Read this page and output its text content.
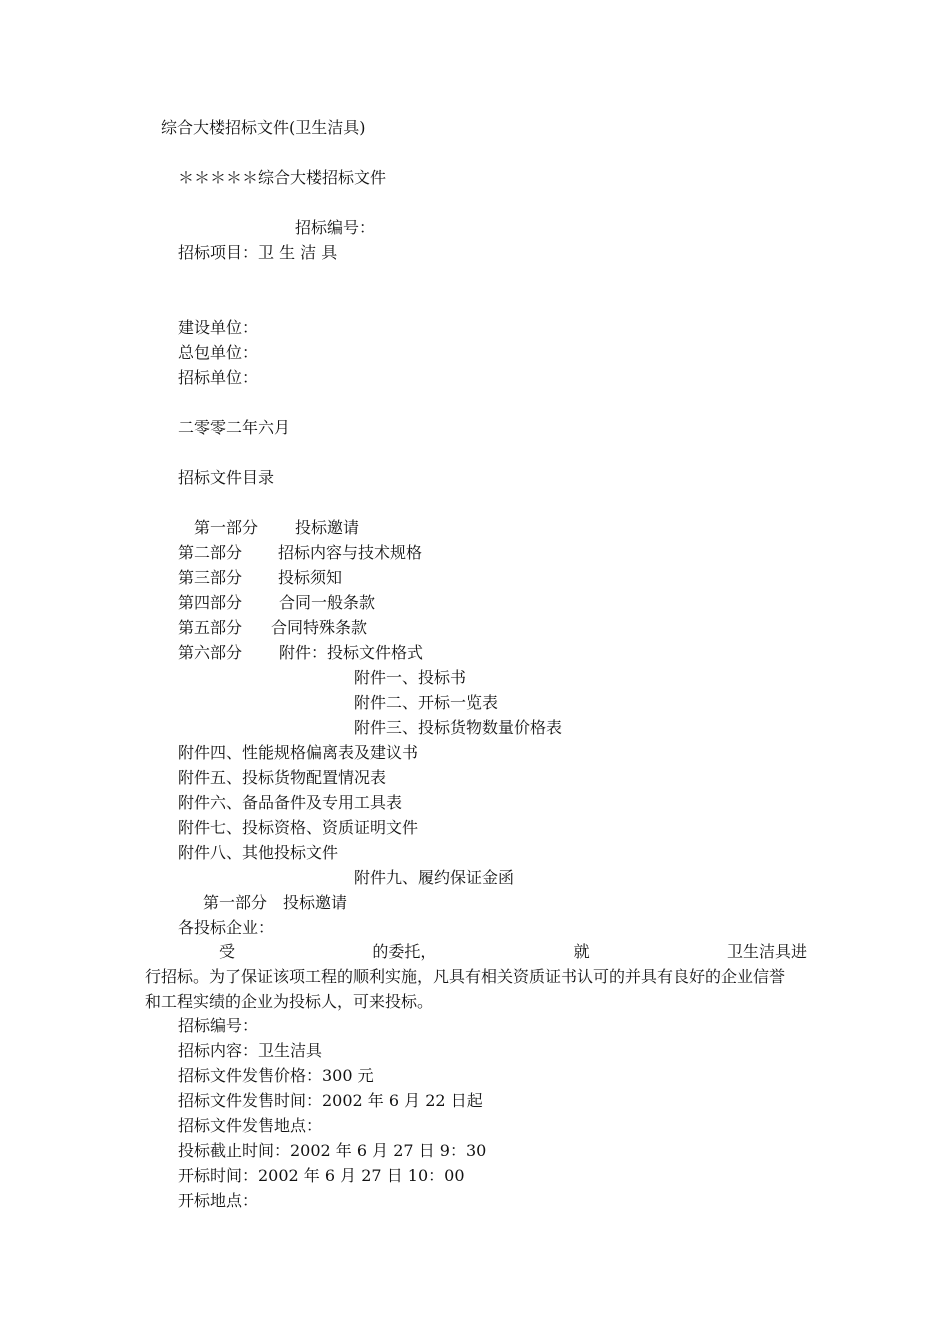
综合大楼招标文件(卫生洁具)
＊＊＊＊＊综合大楼招标文件
招标编号：
招标项目：卫 生 洁 具
建设单位：
总包单位：
招标单位：
二零零二年六月
招标文件目录
第一部分 投标邀请
第二部分 招标内容与技术规格
第三部分 投标须知
第四部分 合同一般条款
第五部分 合同特殊条款
第六部分 附件：投标文件格式
附件一、投标书
附件二、开标一览表
附件三、投标货物数量价格表
附件四、性能规格偏离表及建议书
附件五、投标货物配置情况表
附件六、备品备件及专用工具表
附件七、投标资格、资质证明文件
附件八、其他投标文件
附件九、履约保证金函
第一部分　投标邀请
各投标企业：
受	的委托，	就	卫生洁具进
行招标。为了保证该项工程的顺利实施，凡具有相关资质证书认可的并具有良好的企业信誉
和工程实绩的企业为投标人，可来投标。
招标编号：
招标内容：卫生洁具
招标文件发售价格：300 元
招标文件发售时间：2002 年 6 月 22 日起
招标文件发售地点：
投标截止时间：2002 年 6 月 27 日 9：30
开标时间：2002 年 6 月 27 日 10：00
开标地点：
